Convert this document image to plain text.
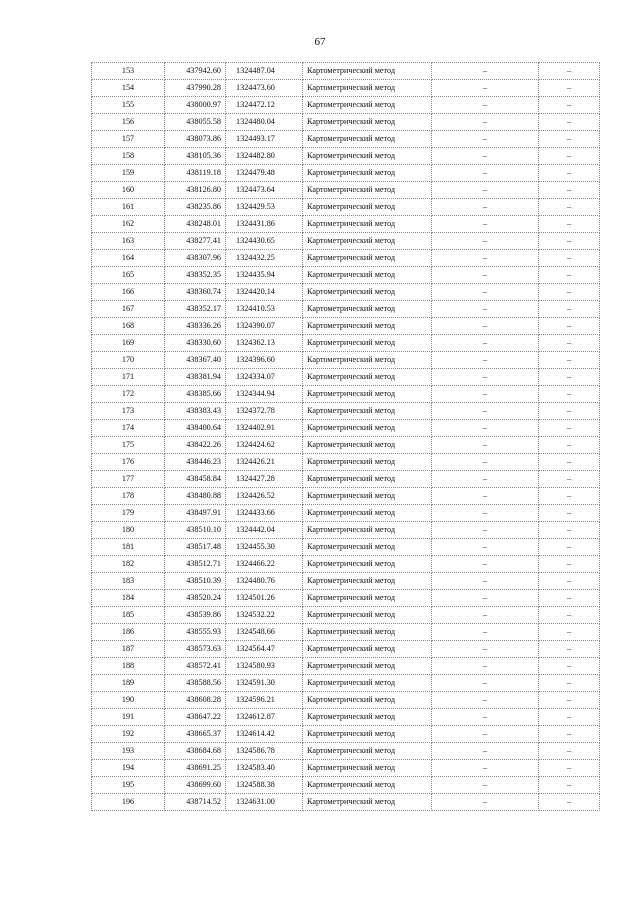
67
153	437942.60	1324487.04	Картометрический метод	–	–
154	437990.28	1324473.60	Картометрический метод	–	–
155	438000.97	1324472.12	Картометрический метод	–	–
156	438055.58	1324480.04	Картометрический метод	–	–
157	438073.86	1324493.17	Картометрический метод	–	–
158	438105.36	1324482.80	Картометрический метод	–	–
159	438119.18	1324479.48	Картометрический метод	–	–
160	438126.80	1324473.64	Картометрический метод	–	–
161	438235.86	1324429.53	Картометрический метод	–	–
162	438248.01	1324431.86	Картометрический метод	–	–
163	438277.41	1324430.65	Картометрический метод	–	–
164	438307.96	1324432.25	Картометрический метод	–	–
165	438352.35	1324435.94	Картометрический метод	–	–
166	438360.74	1324420.14	Картометрический метод	–	–
167	438352.17	1324410.53	Картометрический метод	–	–
168	438336.26	1324390.07	Картометрический метод	–	–
169	438330.60	1324362.13	Картометрический метод	–	–
170	438367.40	1324396.60	Картометрический метод	–	–
171	438381.94	1324334.07	Картометрический метод	–	–
172	438385.66	1324344.94	Картометрический метод	–	–
173	438383.43	1324372.78	Картометрический метод	–	–
174	438400.64	1324402.91	Картометрический метод	–	–
175	438422.26	1324424.62	Картометрический метод	–	–
176	438446.23	1324426.21	Картометрический метод	–	–
177	438458.84	1324427.28	Картометрический метод	–	–
178	438480.88	1324426.52	Картометрический метод	–	–
179	438497.91	1324433.66	Картометрический метод	–	–
180	438510.10	1324442.04	Картометрический метод	–	–
181	438517.48	1324455.30	Картометрический метод	–	–
182	438512.71	1324466.22	Картометрический метод	–	–
183	438510.39	1324480.76	Картометрический метод	–	–
184	438520.24	1324501.26	Картометрический метод	–	–
185	438539.86	1324532.22	Картометрический метод	–	–
186	438555.93	1324548.66	Картометрический метод	–	–
187	438573.63	1324564.47	Картометрический метод	–	–
188	438572.41	1324580.93	Картометрический метод	–	–
189	438588.56	1324591.30	Картометрический метод	–	–
190	438608.28	1324596.21	Картометрический метод	–	–
191	438647.22	1324612.87	Картометрический метод	–	–
192	438665.37	1324614.42	Картометрический метод	–	–
193	438684.68	1324586.78	Картометрический метод	–	–
194	438691.25	1324583.40	Картометрический метод	–	–
195	438699.60	1324588.38	Картометрический метод	–	–
196	438714.52	1324631.00	Картометрический метод	–	–
